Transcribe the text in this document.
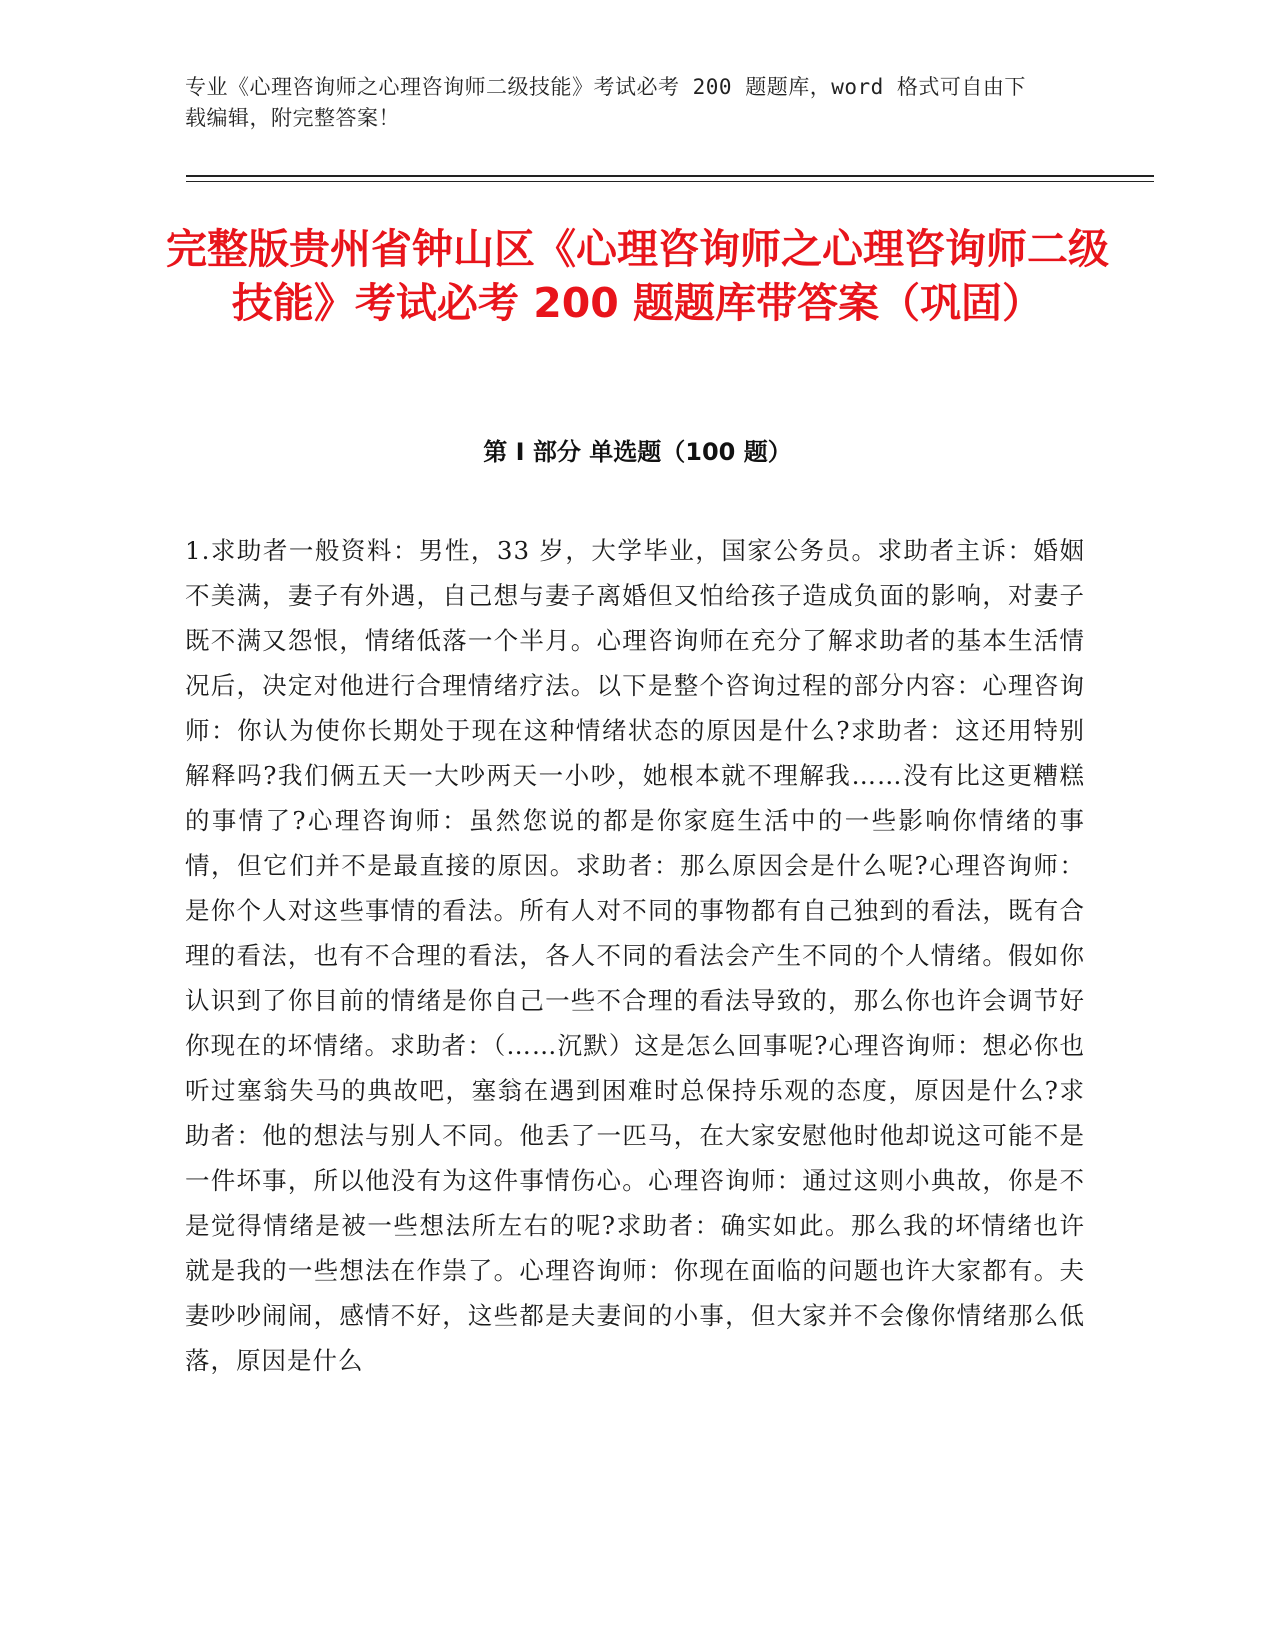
专业《心理咨询师之心理咨询师二级技能》考试必考 200 题题库，word 格式可自由下载编辑，附完整答案！

完整版贵州省钟山区《心理咨询师之心理咨询师二级技能》考试必考 200 题题库带答案（巩固）
第 I 部分 单选题（100 题）

1.求助者一般资料：男性，33 岁，大学毕业，国家公务员。求助者主诉：婚姻不美满，妻子有外遇，自己想与妻子离婚但又怕给孩子造成负面的影响，对妻子既不满又怨恨，情绪低落一个半月。心理咨询师在充分了解求助者的基本生活情况后，决定对他进行合理情绪疗法。以下是整个咨询过程的部分内容：心理咨询师：你认为使你长期处于现在这种情绪状态的原因是什么?求助者：这还用特别解释吗?我们俩五天一大吵两天一小吵，她根本就不理解我……没有比这更糟糕的事情了?心理咨询师：虽然您说的都是你家庭生活中的一些影响你情绪的事情，但它们并不是最直接的原因。求助者：那么原因会是什么呢?心理咨询师：是你个人对这些事情的看法。所有人对不同的事物都有自己独到的看法，既有合理的看法，也有不合理的看法，各人不同的看法会产生不同的个人情绪。假如你认识到了你目前的情绪是你自己一些不合理的看法导致的，那么你也许会调节好你现在的坏情绪。求助者：（……沉默）这是怎么回事呢?心理咨询师：想必你也听过塞翁失马的典故吧，塞翁在遇到困难时总保持乐观的态度，原因是什么?求助者：他的想法与别人不同。他丢了一匹马，在大家安慰他时他却说这可能不是一件坏事，所以他没有为这件事情伤心。心理咨询师：通过这则小典故，你是不是觉得情绪是被一些想法所左右的呢?求助者：确实如此。那么我的坏情绪也许就是我的一些想法在作祟了。心理咨询师：你现在面临的问题也许大家都有。夫妻吵吵闹闹，感情不好，这些都是夫妻间的小事，但大家并不会像你情绪那么低落，原因是什么
